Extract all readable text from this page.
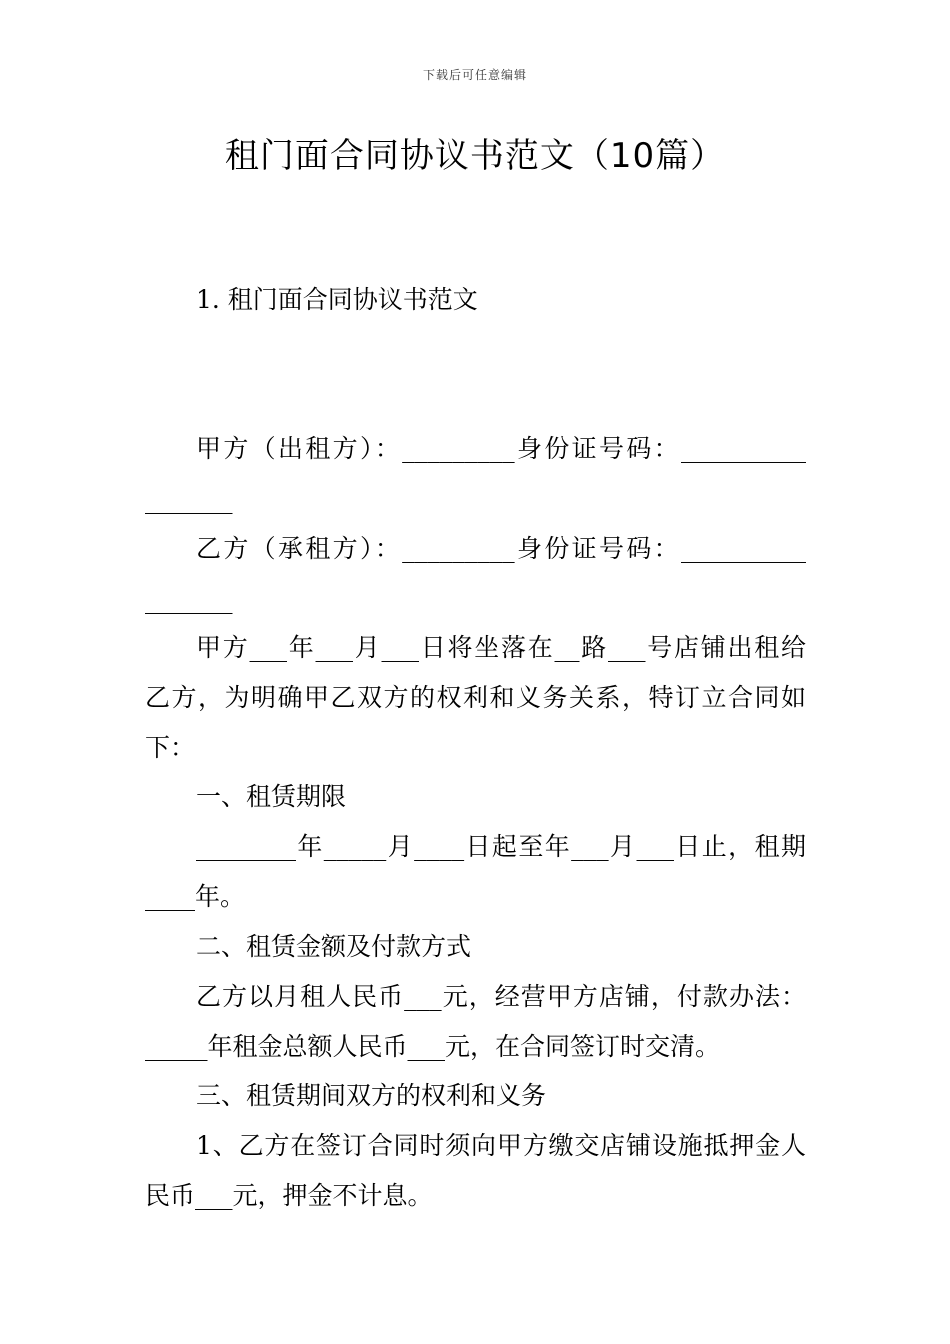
下载后可任意编辑
租门面合同协议书范文（10篇）
1. 租门面合同协议书范文
甲方（出租方）：_________身份证号码：__________
_______
乙方（承租方）：_________身份证号码：__________
_______
甲方___年___月___日将坐落在__路___号店铺出租给
乙方，为明确甲乙双方的权利和义务关系，特订立合同如
下：
一、租赁期限
________年_____月____日起至年___月___日止，租期
____年。
二、租赁金额及付款方式
乙方以月租人民币___元，经营甲方店铺，付款办法：
_____年租金总额人民币___元，在合同签订时交清。
三、租赁期间双方的权利和义务
1、乙方在签订合同时须向甲方缴交店铺设施抵押金人
民币___元，押金不计息。
